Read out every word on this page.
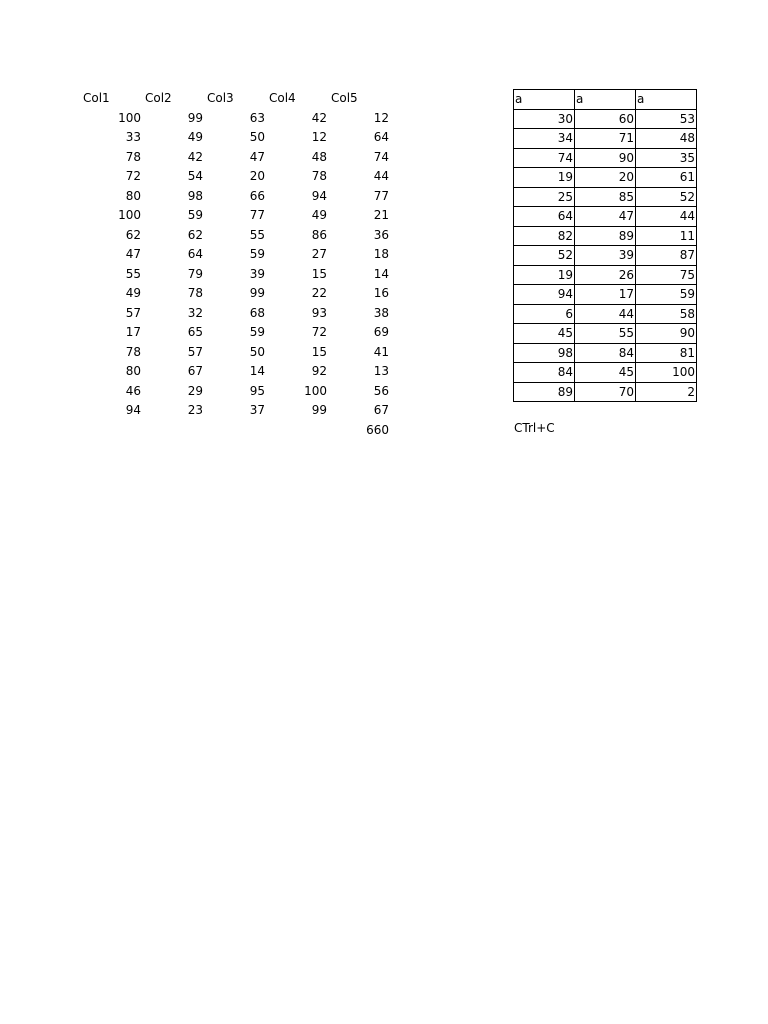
Col1	Col2	Col3	Col4	Col5
100	99	63	42	12
33	49	50	12	64
78	42	47	48	74
72	54	20	78	44
80	98	66	94	77
100	59	77	49	21
62	62	55	86	36
47	64	59	27	18
55	79	39	15	14
49	78	99	22	16
57	32	68	93	38
17	65	59	72	69
78	57	50	15	41
80	67	14	92	13
46	29	95	100	56
94	23	37	99	67
				660
a	a	a
30	60	53
34	71	48
74	90	35
19	20	61
25	85	52
64	47	44
82	89	11
52	39	87
19	26	75
94	17	59
6	44	58
45	55	90
98	84	81
84	45	100
89	70	2
CTrl+C
